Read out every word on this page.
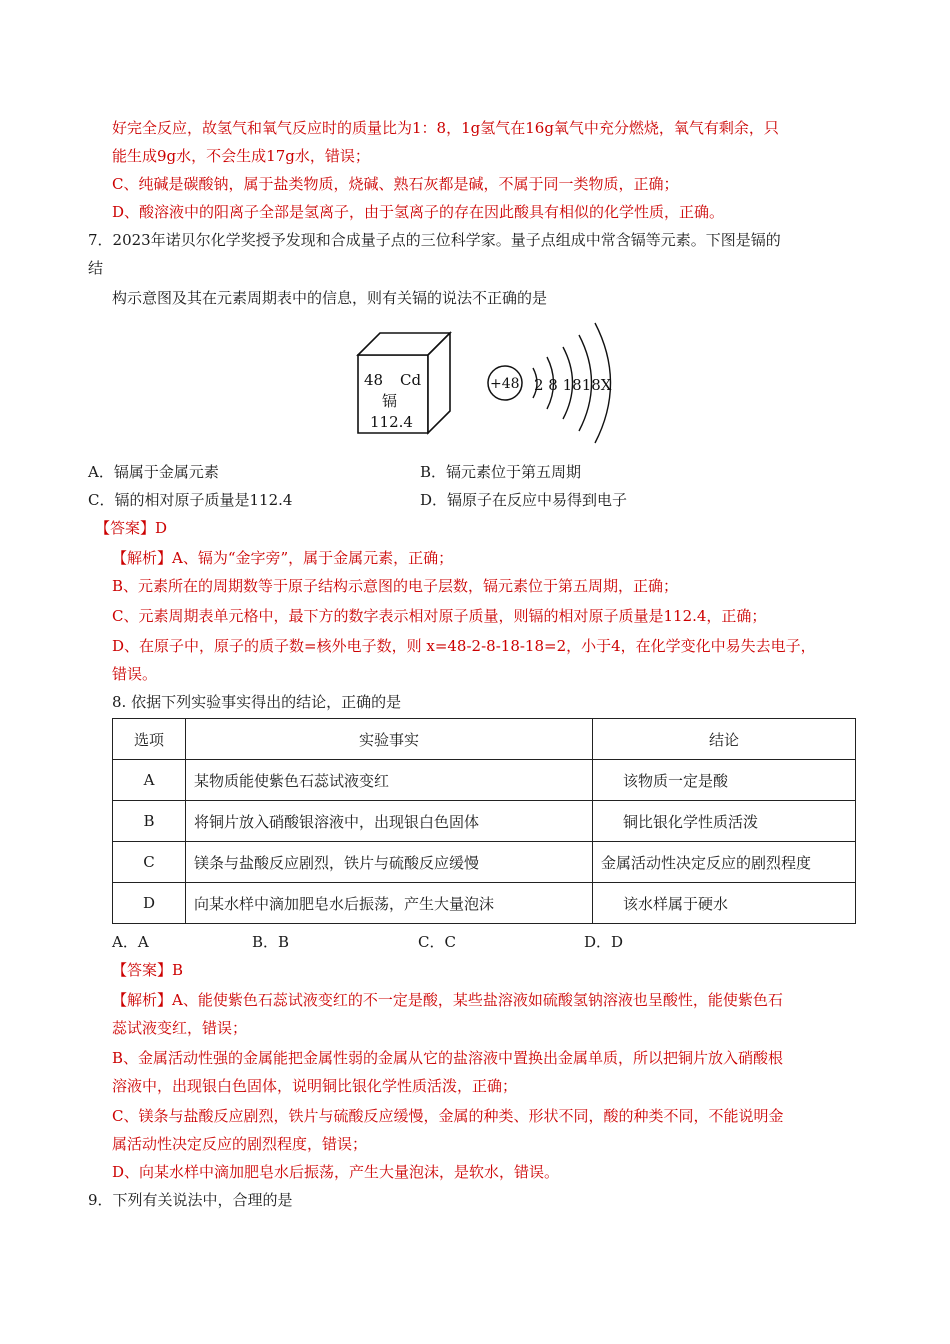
好完全反应，故氢气和氧气反应时的质量比为1：8，1g氢气在16g氧气中充分燃烧，氧气有剩余，只
能生成9g水，不会生成17g水，错误；
C、纯碱是碳酸钠，属于盐类物质，烧碱、熟石灰都是碱，不属于同一类物质，正确；
D、酸溶液中的阳离子全部是氢离子，由于氢离子的存在因此酸具有相似的化学性质，正确。
7．2023年诺贝尔化学奖授予发现和合成量子点的三位科学家。量子点组成中常含镉等元素。下图是镉的
结
构示意图及其在元素周期表中的信息，则有关镉的说法不正确的是
48 Cd
镉
112.4
+48 2 8 1818X
A．镉属于金属元素	B．镉元素位于第五周期
C．镉的相对原子质量是112.4	D．镉原子在反应中易得到电子
【答案】D
【解析】A、镉为“金字旁”，属于金属元素，正确；
B、元素所在的周期数等于原子结构示意图的电子层数，镉元素位于第五周期，正确；
C、元素周期表单元格中，最下方的数字表示相对原子质量，则镉的相对原子质量是112.4，正确；
D、在原子中，原子的质子数=核外电子数，则 x=48-2-8-18-18=2，小于4，在化学变化中易失去电子，
错误。
8. 依据下列实验事实得出的结论，正确的是
选项	实验事实	结论
A	某物质能使紫色石蕊试液变红	该物质一定是酸
B	将铜片放入硝酸银溶液中，出现银白色固体	铜比银化学性质活泼
C	镁条与盐酸反应剧烈，铁片与硫酸反应缓慢	金属活动性决定反应的剧烈程度
D	向某水样中滴加肥皂水后振荡，产生大量泡沫	该水样属于硬水
A．A	B．B	C．C	D．D
【答案】B
【解析】A、能使紫色石蕊试液变红的不一定是酸，某些盐溶液如硫酸氢钠溶液也呈酸性，能使紫色石
蕊试液变红，错误；
B、金属活动性强的金属能把金属性弱的金属从它的盐溶液中置换出金属单质，所以把铜片放入硝酸根
溶液中，出现银白色固体，说明铜比银化学性质活泼，正确；
C、镁条与盐酸反应剧烈，铁片与硫酸反应缓慢，金属的种类、形状不同，酸的种类不同，不能说明金
属活动性决定反应的剧烈程度，错误；
D、向某水样中滴加肥皂水后振荡，产生大量泡沫，是软水，错误。
9．下列有关说法中，合理的是
